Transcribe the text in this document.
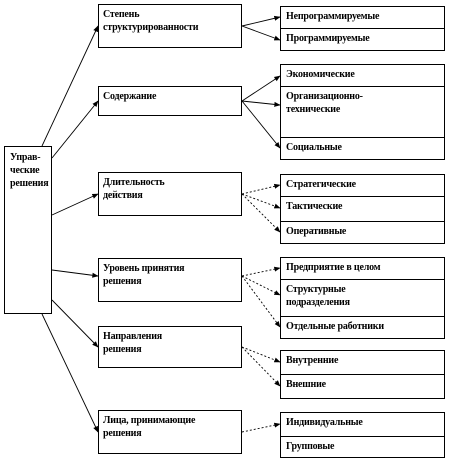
Управ-
ческие
решения
Степень
структурированности
Содержание
Длительность
действия
Уровень принятия
решения
Направления
решения
Лица, принимающие
решения
Непрограммируемые
Программируемые
Экономические
Организационно-
технические
Социальные
Стратегические
Тактические
Оперативные
Предприятие в целом
Структурные
подразделения
Отдельные работники
Внутренние
Внешние
Индивидуальные
Групповые
